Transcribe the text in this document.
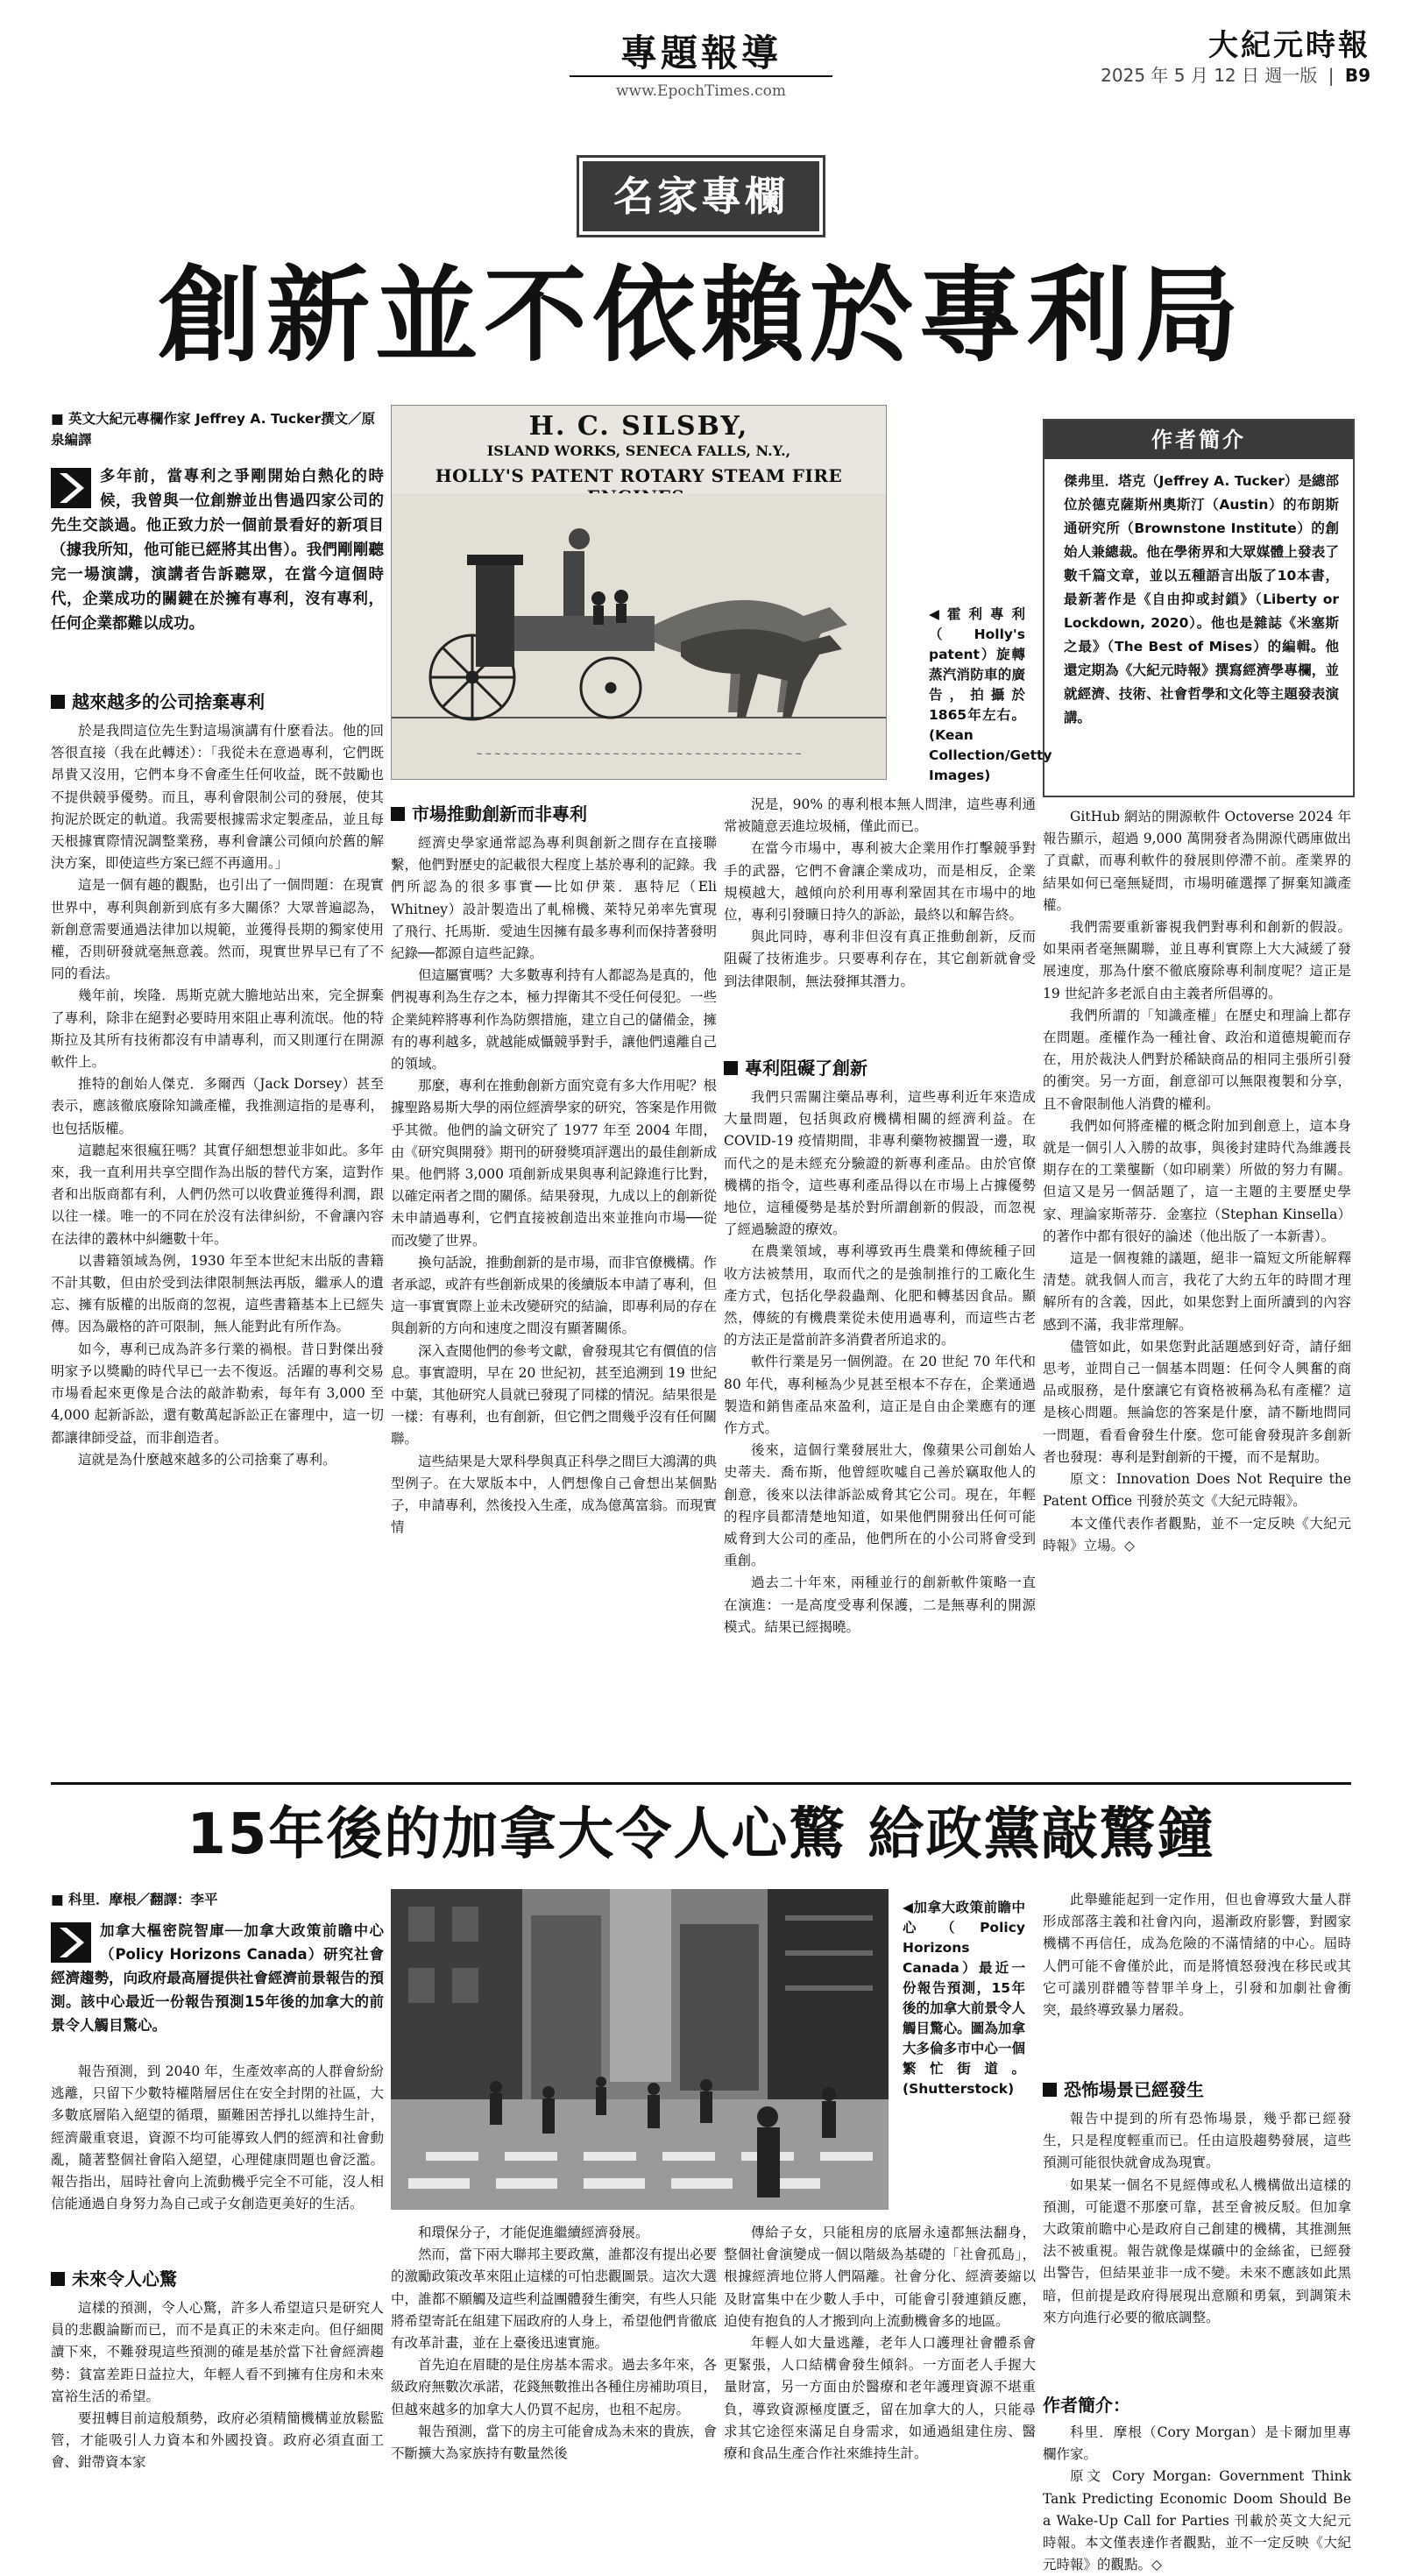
專題報導
www.EpochTimes.com
大紀元時報
2025 年 5 月 12 日 週一版 | B9
名家專欄
創新並不依賴於專利局
■ 英文大紀元專欄作家 Jeffrey A. Tucker撰文／原泉編譯
多年前，當專利之爭剛開始白熱化的時候，我曾與一位創辦並出售過四家公司的先生交談過。他正致力於一個前景看好的新項目（據我所知，他可能已經將其出售）。我們剛剛聽完一場演講，演講者告訴聽眾，在當今這個時代，企業成功的關鍵在於擁有專利，沒有專利，任何企業都難以成功。
越來越多的公司捨棄專利

於是我問這位先生對這場演講有什麼看法。他的回答很直接（我在此轉述）：「我從未在意過專利，它們既昂貴又沒用，它們本身不會產生任何收益，既不鼓勵也不提供競爭優勢。而且，專利會限制公司的發展，使其拘泥於既定的軌道。我需要根據需求定製產品，並且每天根據實際情況調整業務，專利會讓公司傾向於舊的解決方案，即使這些方案已經不再適用。」

這是一個有趣的觀點，也引出了一個問題：在現實世界中，專利與創新到底有多大關係？大眾普遍認為，新創意需要通過法律加以規範，並獲得長期的獨家使用權，否則研發就毫無意義。然而，現實世界早已有了不同的看法。

幾年前，埃隆．馬斯克就大膽地站出來，完全摒棄了專利，除非在絕對必要時用來阻止專利流氓。他的特斯拉及其所有技術都沒有申請專利，而又則運行在開源軟件上。

推特的創始人傑克．多爾西（Jack Dorsey）甚至表示，應該徹底廢除知識產權，我推測這指的是專利，也包括版權。

這聽起來很瘋狂嗎？其實仔細想想並非如此。多年來，我一直利用共享空間作為出版的替代方案，這對作者和出版商都有利，人們仍然可以收費並獲得利潤，跟以往一樣。唯一的不同在於沒有法律糾紛，不會讓內容在法律的叢林中糾纏數十年。

以書籍領域為例，1930 年至本世紀末出版的書籍不計其數，但由於受到法律限制無法再版，繼承人的遺忘、擁有版權的出版商的忽視，這些書籍基本上已經失傳。因為嚴格的許可限制，無人能對此有所作為。

如今，專利已成為許多行業的禍根。昔日對傑出發明家予以獎勵的時代早已一去不復返。活躍的專利交易市場看起來更像是合法的敲詐勒索，每年有 3,000 至 4,000 起新訴訟，還有數萬起訴訟正在審理中，這一切都讓律師受益，而非創造者。

這就是為什麼越來越多的公司捨棄了專利。

H. C. SILSBY,
ISLAND WORKS, SENECA FALLS, N.Y.,
HOLLY'S PATENT ROTARY STEAM FIRE
~ ~ ~ ~ ~ ~ ~ ~ ~ ~ ~ ~ ~ ~ ~ ~ ~ ~ ~ ~ ~ ~ ~ ~ ~ ~ ~ ~ ~ ~ ~ ~ ~ ~ ~ ~
◀霍利專利（Holly's patent）旋轉蒸汽消防車的廣告，拍攝於1865年左右。(Kean Collection/Getty Images)
市場推動創新而非專利

經濟史學家通常認為專利與創新之間存在直接聯繫，他們對歷史的記載很大程度上基於專利的記錄。我們所認為的很多事實──比如伊萊．惠特尼（Eli Whitney）設計製造出了軋棉機、萊特兄弟率先實現了飛行、托馬斯．愛迪生因擁有最多專利而保持著發明紀錄──都源自這些記錄。

但這屬實嗎？大多數專利持有人都認為是真的，他們視專利為生存之本，極力捍衛其不受任何侵犯。一些企業純粹將專利作為防禦措施，建立自己的儲備金，擁有的專利越多，就越能威懾競爭對手，讓他們遠離自己的領域。

那麼，專利在推動創新方面究竟有多大作用呢？根據聖路易斯大學的兩位經濟學家的研究，答案是作用微乎其微。他們的論文研究了 1977 年至 2004 年間，由《研究與開發》期刊的研發獎項評選出的最佳創新成果。他們將 3,000 項創新成果與專利記錄進行比對，以確定兩者之間的關係。結果發現，九成以上的創新從未申請過專利，它們直接被創造出來並推向市場──從而改變了世界。

換句話說，推動創新的是市場，而非官僚機構。作者承認，或許有些創新成果的後續版本申請了專利，但這一事實實際上並未改變研究的結論，即專利局的存在與創新的方向和速度之間沒有顯著關係。

深入查閱他們的參考文獻，會發現其它有價值的信息。事實證明，早在 20 世紀初，甚至追溯到 19 世紀中葉，其他研究人員就已發現了同樣的情況。結果很是一樣：有專利，也有創新，但它們之間幾乎沒有任何關聯。

這些結果是大眾科學與真正科學之間巨大鴻溝的典型例子。在大眾版本中，人們想像自己會想出某個點子，申請專利，然後投入生產，成為億萬富翁。而現實情

況是，90% 的專利根本無人問津，這些專利通常被隨意丟進垃圾桶，僅此而已。

在當今市場中，專利被大企業用作打擊競爭對手的武器，它們不會讓企業成功，而是相反，企業規模越大，越傾向於利用專利鞏固其在市場中的地位，專利引發曠日持久的訴訟，最終以和解告終。

與此同時，專利非但沒有真正推動創新，反而阻礙了技術進步。只要專利存在，其它創新就會受到法律限制，無法發揮其潛力。

專利阻礙了創新

我們只需關注藥品專利，這些專利近年來造成大量問題，包括與政府機構相關的經濟利益。在 COVID-19 疫情期間，非專利藥物被擱置一邊，取而代之的是未經充分驗證的新專利產品。由於官僚機構的指令，這些專利產品得以在市場上占據優勢地位，這種優勢是基於對所謂創新的假設，而忽視了經過驗證的療效。

在農業領域，專利導致再生農業和傳統種子回收方法被禁用，取而代之的是強制推行的工廠化生產方式，包括化學殺蟲劑、化肥和轉基因食品。顯然，傳統的有機農業從未使用過專利，而這些古老的方法正是當前許多消費者所追求的。

軟件行業是另一個例證。在 20 世紀 70 年代和 80 年代，專利極為少見甚至根本不存在，企業通過製造和銷售產品來盈利，這正是自由企業應有的運作方式。

後來，這個行業發展壯大，像蘋果公司創始人史蒂夫．喬布斯，他曾經吹噓自己善於竊取他人的創意，後來以法律訴訟威脅其它公司。現在，年輕的程序員都清楚地知道，如果他們開發出任何可能威脅到大公司的產品，他們所在的小公司將會受到重創。

過去二十年來，兩種並行的創新軟件策略一直在演進：一是高度受專利保護，二是無專利的開源模式。結果已經揭曉。

作者簡介
傑弗里．塔克（Jeffrey A. Tucker）是總部位於德克薩斯州奧斯汀（Austin）的布朗斯通研究所（Brownstone Institute）的創始人兼總裁。他在學術界和大眾媒體上發表了數千篇文章，並以五種語言出版了10本書，最新著作是《自由抑或封鎖》（Liberty or Lockdown, 2020）。他也是雜誌《米塞斯之最》（The Best of Mises）的編輯。他還定期為《大紀元時報》撰寫經濟學專欄，並就經濟、技術、社會哲學和文化等主題發表演講。

GitHub 網站的開源軟件 Octoverse 2024 年報告顯示，超過 9,000 萬開發者為開源代碼庫做出了貢獻，而專利軟件的發展則停滯不前。產業界的結果如何已毫無疑問，市場明確選擇了摒棄知識產權。

我們需要重新審視我們對專利和創新的假設。如果兩者毫無關聯，並且專利實際上大大減緩了發展速度，那為什麼不徹底廢除專利制度呢？這正是 19 世紀許多老派自由主義者所倡導的。

我們所謂的「知識產權」在歷史和理論上都存在問題。產權作為一種社會、政治和道德規範而存在，用於裁決人們對於稀缺商品的相同主張所引發的衝突。另一方面，創意卻可以無限複製和分享，且不會限制他人消費的權利。

我們如何將產權的概念附加到創意上，這本身就是一個引人入勝的故事，與後封建時代為維護長期存在的工業壟斷（如印刷業）所做的努力有關。但這又是另一個話題了，這一主題的主要歷史學家、理論家斯蒂芬．金塞拉（Stephan Kinsella）的著作中都有很好的論述（他出版了一本新書）。

這是一個複雜的議題，絕非一篇短文所能解釋清楚。就我個人而言，我花了大約五年的時間才理解所有的含義，因此，如果您對上面所讀到的內容感到不滿，我非常理解。

儘管如此，如果您對此話題感到好奇，請仔細思考，並問自己一個基本問題：任何令人興奮的商品或服務，是什麼讓它有資格被稱為私有產權？這是核心問題。無論您的答案是什麼，請不斷地問同一問題，看看會發生什麼。您可能會發現許多創新者也發現：專利是對創新的干擾，而不是幫助。

原文：Innovation Does Not Require the Patent Office 刊發於英文《大紀元時報》。

本文僅代表作者觀點，並不一定反映《大紀元時報》立場。◇

15年後的加拿大令人心驚 給政黨敲驚鐘
■ 科里．摩根／翻譯：李平
加拿大樞密院智庫──加拿大政策前瞻中心（Policy Horizons Canada）研究社會經濟趨勢，向政府最高層提供社會經濟前景報告的預測。該中心最近一份報告預測15年後的加拿大的前景令人觸目驚心。

報告預測，到 2040 年，生產效率高的人群會紛紛逃離，只留下少數特權階層居住在安全封閉的社區，大多數底層陷入絕望的循環，顯難困苦掙扎以維持生計，經濟嚴重衰退，資源不均可能導致人們的經濟和社會動亂，隨著整個社會陷入絕望，心理健康問題也會泛濫。報告指出，屆時社會向上流動機乎完全不可能，沒人相信能通過自身努力為自己或子女創造更美好的生活。

未來令人心驚

這樣的預測，令人心驚，許多人希望這只是研究人員的悲觀論斷而已，而不是真正的未來走向。但仔細閱讀下來，不難發現這些預測的確是基於當下社會經濟趨勢：貧富差距日益拉大，年輕人看不到擁有住房和未來富裕生活的希望。

要扭轉目前這般頹勢，政府必須精簡機構並放鬆監管，才能吸引人力資本和外國投資。政府必須直面工會、鉗帶資本家

◀加拿大政策前瞻中心（Policy Horizons Canada）最近一份報告預測，15年後的加拿大前景令人觸目驚心。圖為加拿大多倫多市中心一個繁忙街道。(Shutterstock)

和環保分子，才能促進繼續經濟發展。

然而，當下兩大聯邦主要政黨，誰都沒有提出必要的激勵政策改革來阻止這樣的可怕悲觀圖景。這次大選中，誰都不願觸及這些利益團體發生衝突，有些人只能將希望寄託在組建下屆政府的人身上，希望他們肯徹底有改革計畫，並在上臺後迅速實施。

首先迫在眉睫的是住房基本需求。過去多年來，各級政府無數次承諾，花錢無數推出各種住房補助項目，但越來越多的加拿大人仍買不起房，也租不起房。

報告預測，當下的房主可能會成為未來的貴族，會不斷擴大為家族持有數量然後

傳給子女，只能租房的底層永遠都無法翻身，整個社會演變成一個以階級為基礎的「社會孤島」，根據經濟地位將人們隔離。社會分化、經濟萎縮以及財富集中在少數人手中，可能會引發連鎖反應，迫使有抱負的人才搬到向上流動機會多的地區。

年輕人如大量逃離，老年人口護理社會體系會更緊張，人口結構會發生傾斜。一方面老人手握大量財富，另一方面由於醫療和老年護理資源不堪重負，導致資源極度匱乏，留在加拿大的人，只能尋求其它途徑來滿足自身需求，如通過組建住房、醫療和食品生產合作社來維持生計。

此舉雖能起到一定作用，但也會導致大量人群形成部落主義和社會內向，遏漸政府影響，對國家機構不再信任，成為危險的不滿情緒的中心。屆時人們可能不會僅於此，而是將憤怒發洩在移民或其它可議別群體等替罪羊身上，引發和加劇社會衝突，最終導致暴力屠殺。

恐怖場景已經發生

報告中提到的所有恐怖場景，幾乎都已經發生，只是程度輕重而已。任由這股趨勢發展，這些預測可能很快就會成為現實。

如果某一個名不見經傳或私人機構做出這樣的預測，可能還不那麼可靠，甚至會被反駁。但加拿大政策前瞻中心是政府自己創建的機構，其推測無法不被重視。報告就像是煤礦中的金絲雀，已經發出警告，但結果並非一成不變。未來不應該如此黑暗，但前提是政府得展現出意願和勇氣，到調策未來方向進行必要的徹底調整。

作者簡介：

科里．摩根（Cory Morgan）是卡爾加里專欄作家。

原文 Cory Morgan: Government Think Tank Predicting Economic Doom Should Be a Wake-Up Call for Parties 刊載於英文大紀元時報。本文僅表達作者觀點，並不一定反映《大紀元時報》的觀點。◇
